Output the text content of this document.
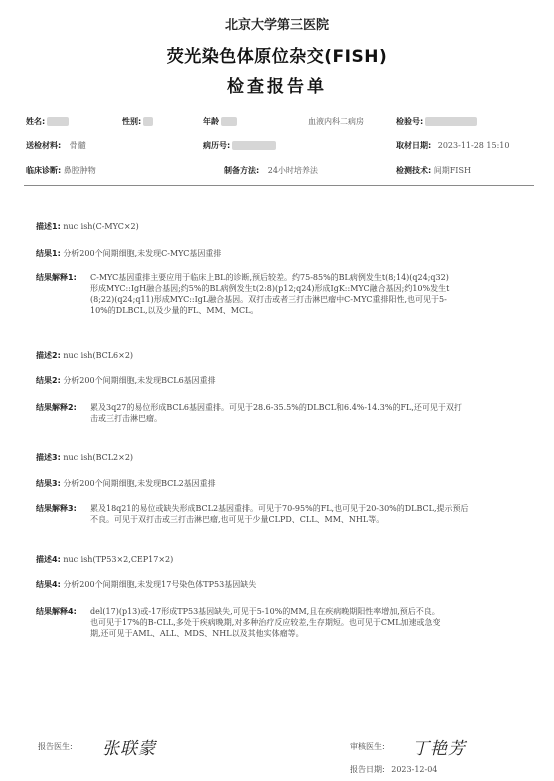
北京大学第三医院
荧光染色体原位杂交(FISH)
检查报告单
姓名:	性别:	年龄	血液内科二病房	检验号:
送检材料: 骨髓	病历号:	取材日期: 2023-11-28 15:10
临床诊断: 鼻腔肿物	制备方法: 24小时培养法	检测技术: 间期FISH
描述1: nuc ish(C-MYC×2)
结果1: 分析200个间期细胞,未发现C-MYC基因重排
结果解释1: C-MYC基因重排主要应用于临床上BL的诊断,预后较差。约75-85%的BL病例发生t(8;14)(q24;q32)
形成MYC::IgH融合基因;约5%的BL病例发生t(2:8)(p12;q24)形成IgK::MYC融合基因;约10%发生t
(8;22)(q24;q11)形成MYC::IgL融合基因。双打击或者三打击淋巴瘤中C-MYC重排阳性,也可见于5-
10%的DLBCL,以及少量的FL、MM、MCL。
描述2: nuc ish(BCL6×2)
结果2: 分析200个间期细胞,未发现BCL6基因重排
结果解释2: 累及3q27的易位形成BCL6基因重排。可见于28.6-35.5%的DLBCL和6.4%-14.3%的FL,还可见于双打
击或三打击淋巴瘤。
描述3: nuc ish(BCL2×2)
结果3: 分析200个间期细胞,未发现BCL2基因重排
结果解释3: 累及18q21的易位或缺失形成BCL2基因重排。可见于70-95%的FL,也可见于20-30%的DLBCL,提示预后
不良。可见于双打击或三打击淋巴瘤,也可见于少量CLPD、CLL、MM、NHL等。
描述4: nuc ish(TP53×2,CEP17×2)
结果4: 分析200个间期细胞,未发现17号染色体TP53基因缺失
结果解释4: del(17)(p13)或-17形成TP53基因缺失,可见于5-10%的MM,且在疾病晚期阳性率增加,预后不良。
也可见于17%的B-CLL,多处于疾病晚期,对多种治疗反应较差,生存期短。也可见于CML加速或急变
期,还可见于AML、ALL、MDS、NHL以及其他实体瘤等。
报告医生: 张联蒙	审核医生: 丁艳芳
报告日期: 2023-12-04
